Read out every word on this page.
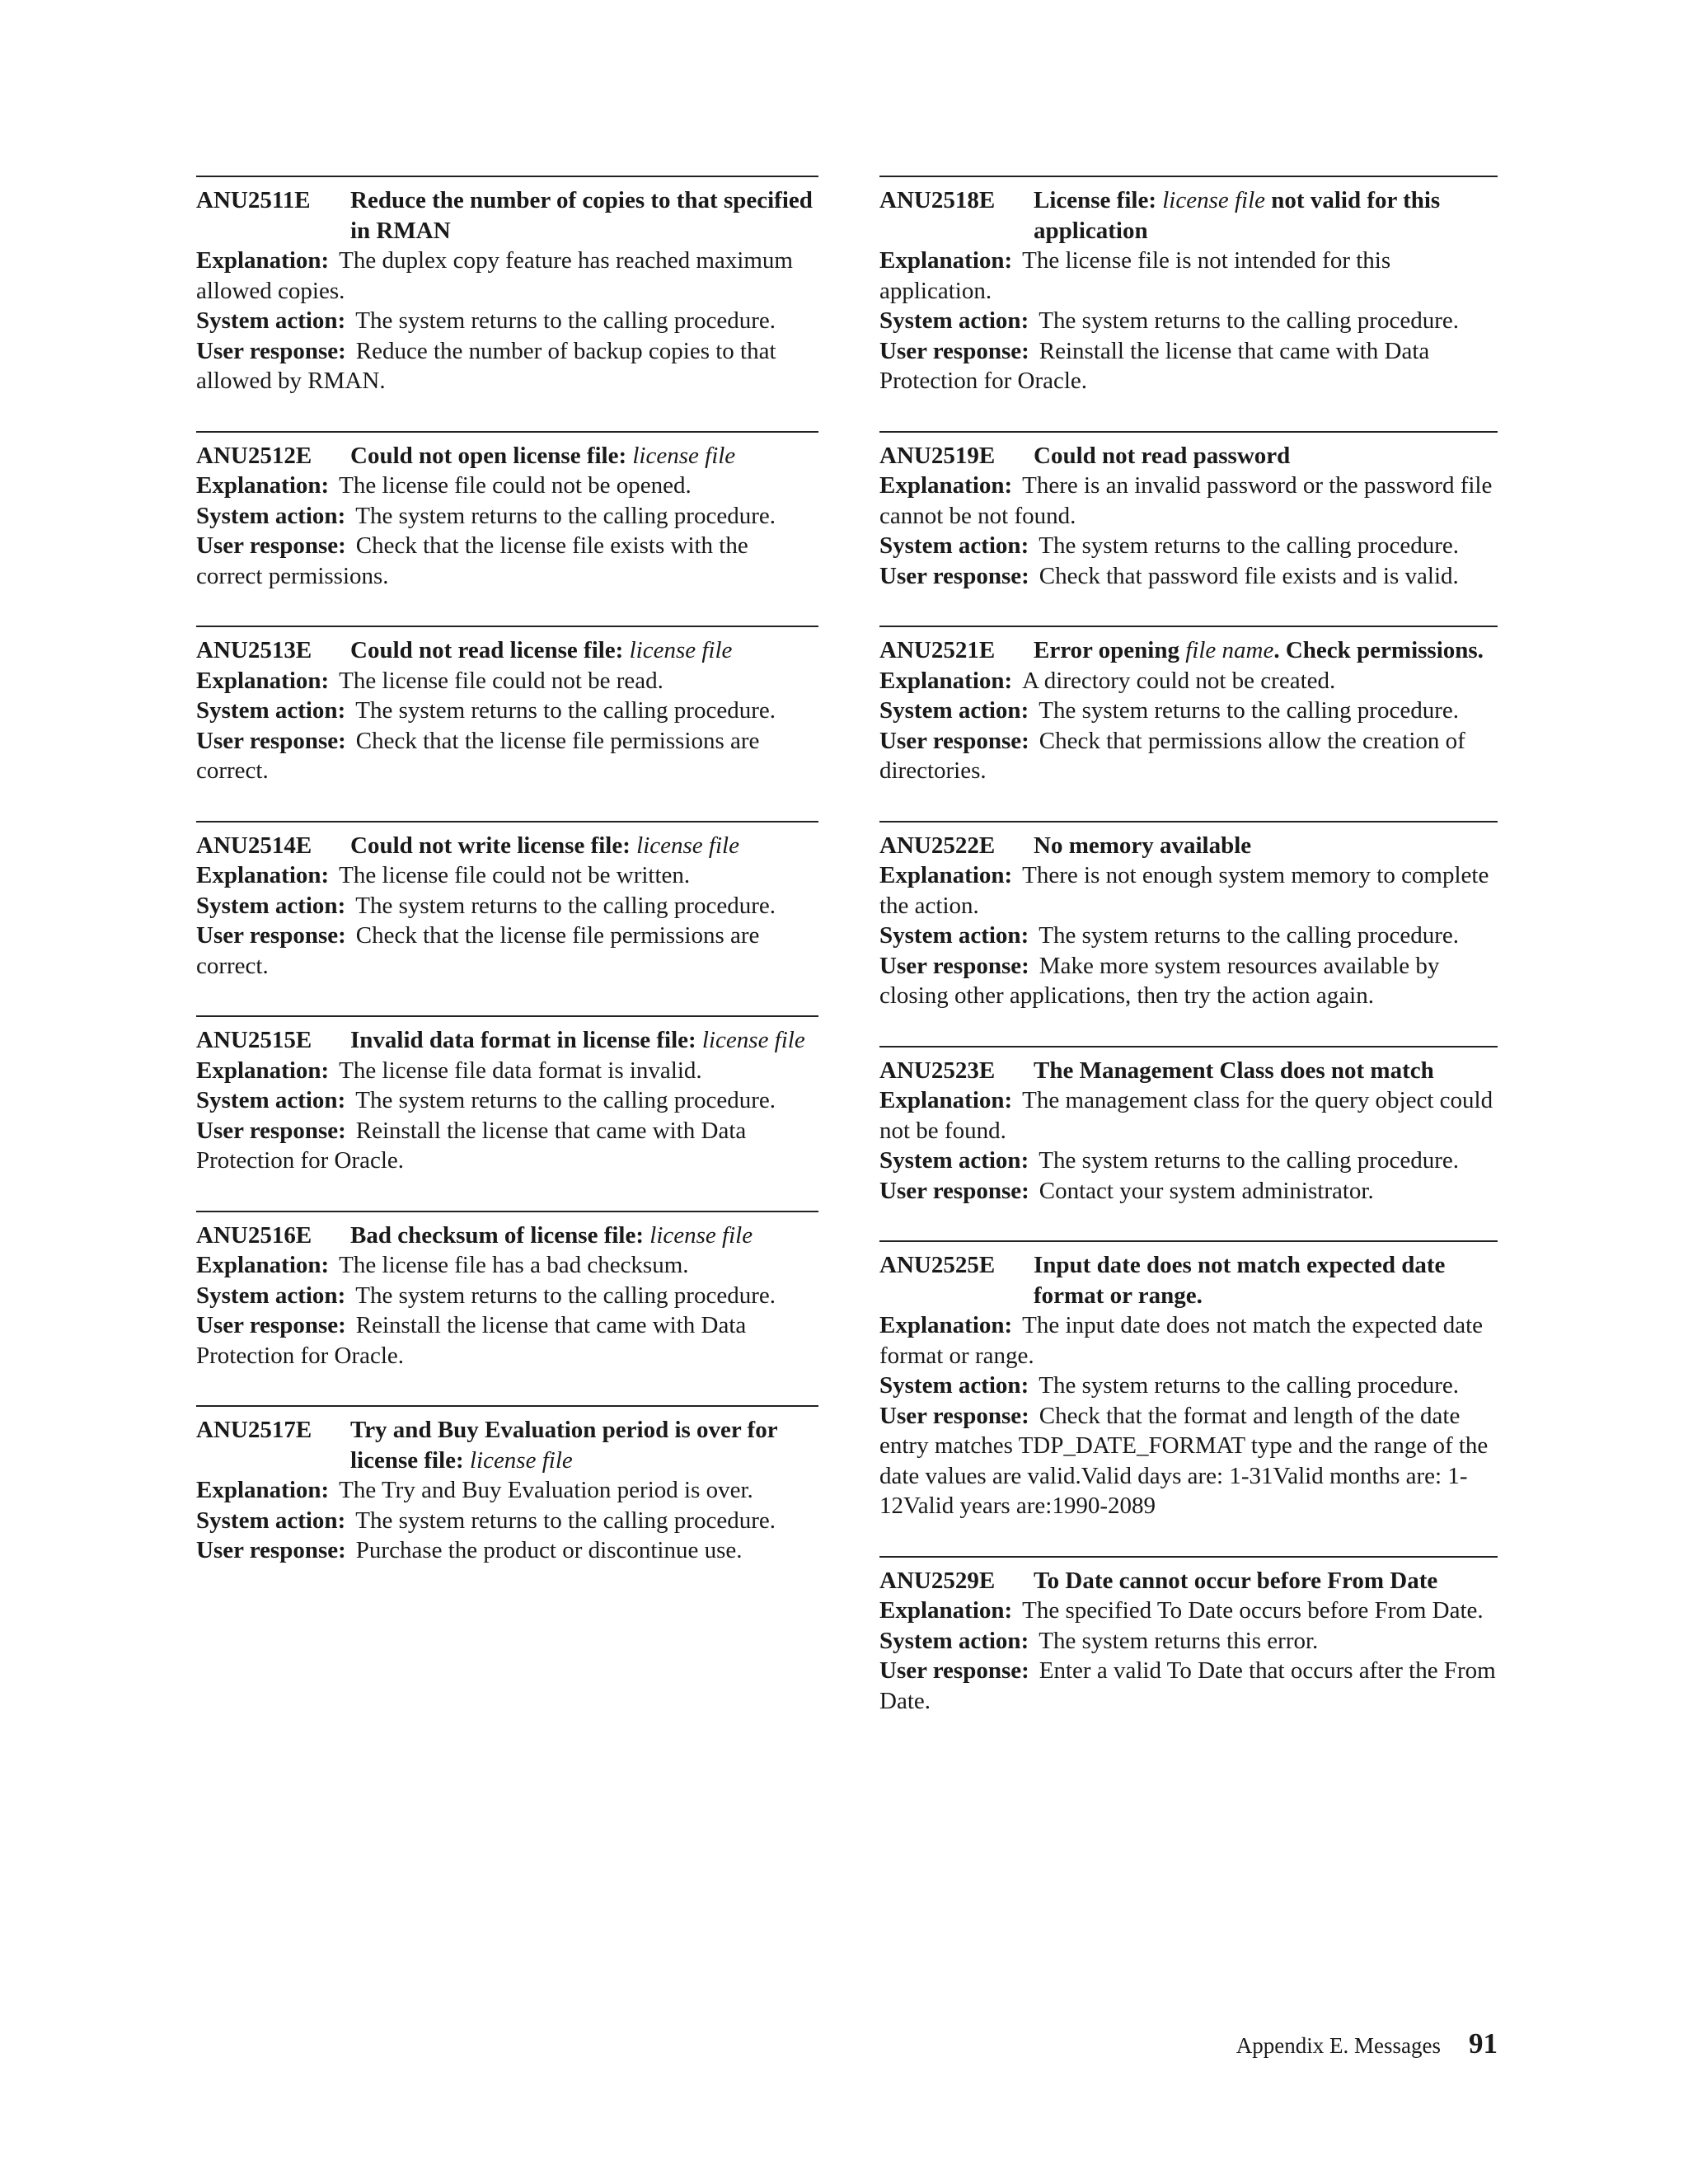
ANU2511E	Reduce the number of copies to that specified in RMAN
Explanation: The duplex copy feature has reached maximum allowed copies.
System action: The system returns to the calling procedure.
User response: Reduce the number of backup copies to that allowed by RMAN.
ANU2512E	Could not open license file: license file
Explanation: The license file could not be opened.
System action: The system returns to the calling procedure.
User response: Check that the license file exists with the correct permissions.
ANU2513E	Could not read license file: license file
Explanation: The license file could not be read.
System action: The system returns to the calling procedure.
User response: Check that the license file permissions are correct.
ANU2514E	Could not write license file: license file
Explanation: The license file could not be written.
System action: The system returns to the calling procedure.
User response: Check that the license file permissions are correct.
ANU2515E	Invalid data format in license file: license file
Explanation: The license file data format is invalid.
System action: The system returns to the calling procedure.
User response: Reinstall the license that came with Data Protection for Oracle.
ANU2516E	Bad checksum of license file: license file
Explanation: The license file has a bad checksum.
System action: The system returns to the calling procedure.
User response: Reinstall the license that came with Data Protection for Oracle.
ANU2517E	Try and Buy Evaluation period is over for license file: license file
Explanation: The Try and Buy Evaluation period is over.
System action: The system returns to the calling procedure.
User response: Purchase the product or discontinue use.
ANU2518E	License file: license file not valid for this application
Explanation: The license file is not intended for this application.
System action: The system returns to the calling procedure.
User response: Reinstall the license that came with Data Protection for Oracle.
ANU2519E	Could not read password
Explanation: There is an invalid password or the password file cannot be not found.
System action: The system returns to the calling procedure.
User response: Check that password file exists and is valid.
ANU2521E	Error opening file name. Check permissions.
Explanation: A directory could not be created.
System action: The system returns to the calling procedure.
User response: Check that permissions allow the creation of directories.
ANU2522E	No memory available
Explanation: There is not enough system memory to complete the action.
System action: The system returns to the calling procedure.
User response: Make more system resources available by closing other applications, then try the action again.
ANU2523E	The Management Class does not match
Explanation: The management class for the query object could not be found.
System action: The system returns to the calling procedure.
User response: Contact your system administrator.
ANU2525E	Input date does not match expected date format or range.
Explanation: The input date does not match the expected date format or range.
System action: The system returns to the calling procedure.
User response: Check that the format and length of the date entry matches TDP_DATE_FORMAT type and the range of the date values are valid.Valid days are: 1-31Valid months are: 1-12Valid years are:1990-2089
ANU2529E	To Date cannot occur before From Date
Explanation: The specified To Date occurs before From Date.
System action: The system returns this error.
User response: Enter a valid To Date that occurs after the From Date.
Appendix E. Messages 91
